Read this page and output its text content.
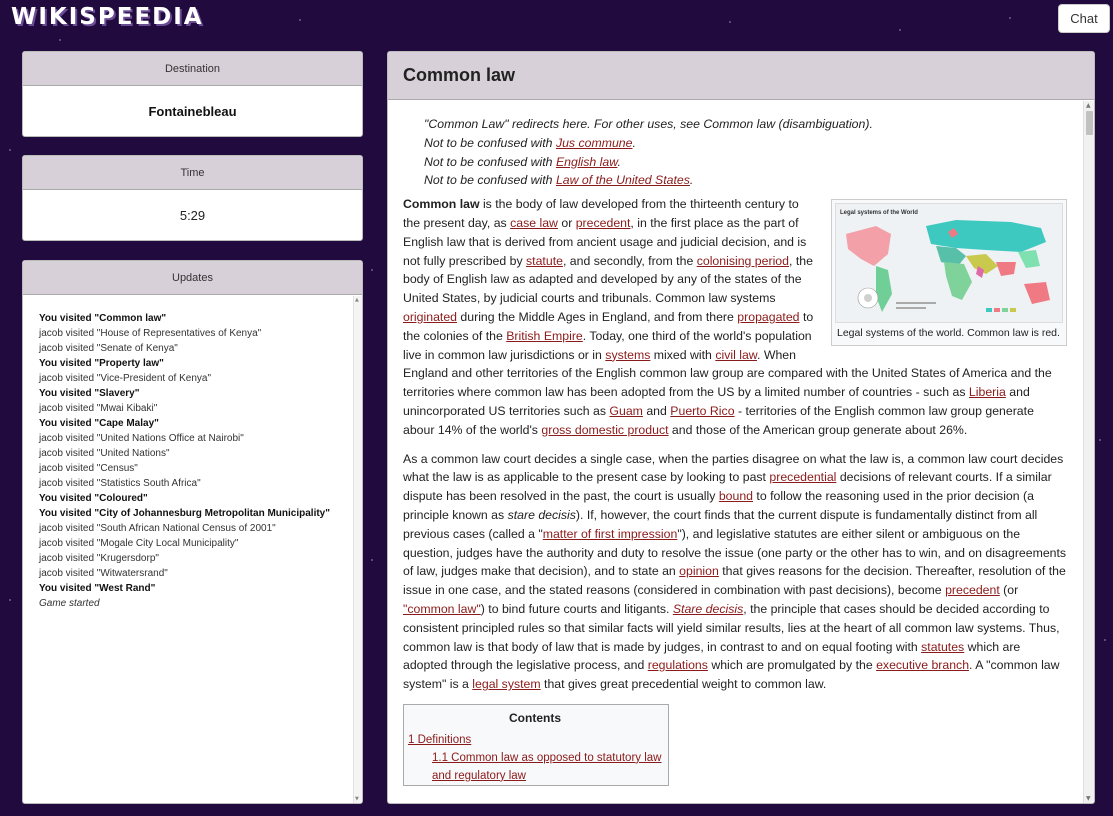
WIKISPEEDIA	Chat
Destination
Fontainebleau
Time
5:29
Updates
You visited "Common law"
jacob visited "House of Representatives of Kenya"
jacob visited "Senate of Kenya"
You visited "Property law"
jacob visited "Vice-President of Kenya"
You visited "Slavery"
jacob visited "Mwai Kibaki"
You visited "Cape Malay"
jacob visited "United Nations Office at Nairobi"
jacob visited "United Nations"
jacob visited "Census"
jacob visited "Statistics South Africa"
You visited "Coloured"
You visited "City of Johannesburg Metropolitan Municipality"
jacob visited "South African National Census of 2001"
jacob visited "Mogale City Local Municipality"
jacob visited "Krugersdorp"
jacob visited "Witwatersrand"
You visited "West Rand"
Game started
▲
▼
Common law
"Common Law" redirects here. For other uses, see Common law (disambiguation).
Not to be confused with Jus commune.
Not to be confused with English law.
Not to be confused with Law of the United States.

Legal systems of the World
Legal systems of the world. Common law is red.
Common law is the body of law developed from the thirteenth century to the present day, as case law or precedent, in the first place as the part of English law that is derived from ancient usage and judicial decision, and is not fully prescribed by statute, and secondly, from the colonising period, the body of English law as adapted and developed by any of the states of the United States, by judicial courts and tribunals. Common law systems originated during the Middle Ages in England, and from there propagated to the colonies of the British Empire. Today, one third of the world's population live in common law jurisdictions or in systems mixed with civil law. When England and other territories of the English common law group are compared with the United States of America and the territories where common law has been adopted from the US by a limited number of countries - such as Liberia and unincorporated US territories such as Guam and Puerto Rico - territories of the English common law group generate abour 14% of the world's gross domestic product and those of the American group generate about 26%.

As a common law court decides a single case, when the parties disagree on what the law is, a common law court decides what the law is as applicable to the present case by looking to past precedential decisions of relevant courts. If a similar dispute has been resolved in the past, the court is usually bound to follow the reasoning used in the prior decision (a principle known as stare decisis). If, however, the court finds that the current dispute is fundamentally distinct from all previous cases (called a "matter of first impression"), and legislative statutes are either silent or ambiguous on the question, judges have the authority and duty to resolve the issue (one party or the other has to win, and on disagreements of law, judges make that decision), and to state an opinion that gives reasons for the decision. Thereafter, resolution of the issue in one case, and the stated reasons (considered in combination with past decisions), become precedent (or "common law") to bind future courts and litigants. Stare decisis, the principle that cases should be decided according to consistent principled rules so that similar facts will yield similar results, lies at the heart of all common law systems. Thus, common law is that body of law that is made by judges, in contrast to and on equal footing with statutes which are adopted through the legislative process, and regulations which are promulgated by the executive branch. A "common law system" is a legal system that gives great precedential weight to common law.

Contents
1 Definitions
1.1 Common law as opposed to statutory law and regulatory law
▲
▼
